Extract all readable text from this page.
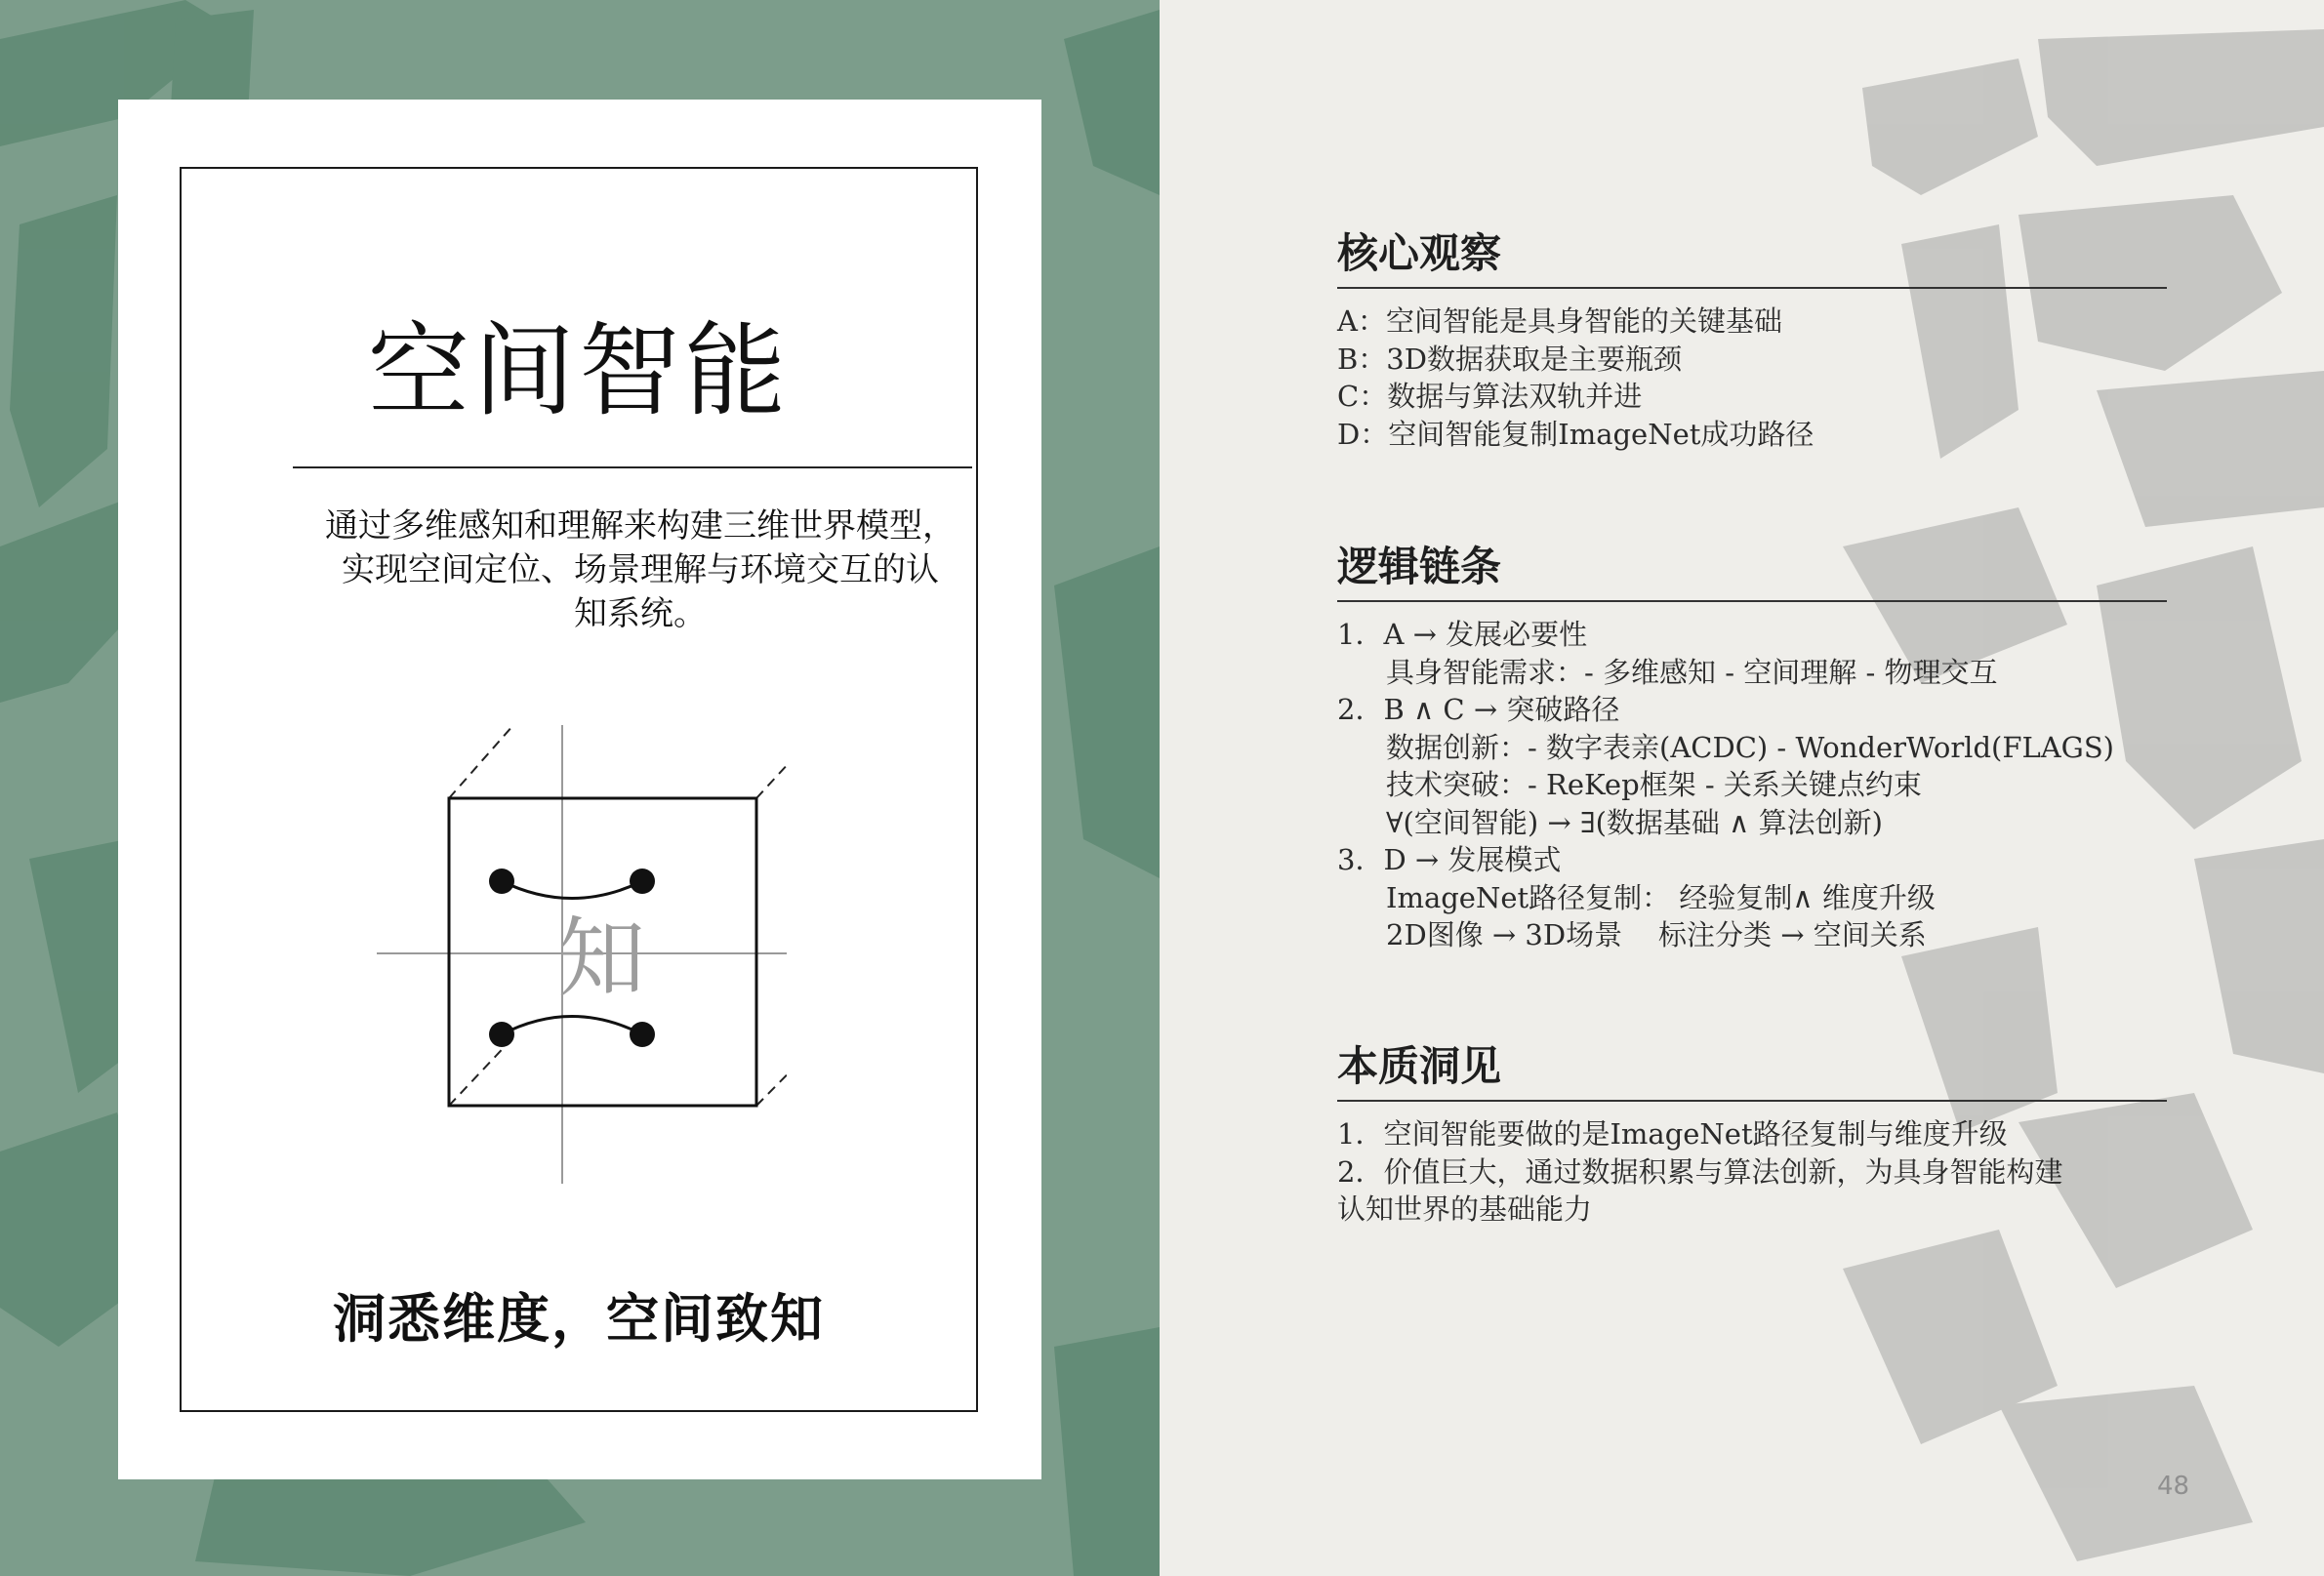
空间智能
通过多维感知和理解来构建三维世界模型，
实现空间定位、场景理解与环境交互的认
知系统。
知
洞悉维度，空间致知
核心观察
A：空间智能是具身智能的关键基础
B：3D数据获取是主要瓶颈
C：数据与算法双轨并进
D：空间智能复制ImageNet成功路径
逻辑链条
1．A → 发展必要性
具身智能需求：- 多维感知 - 空间理解 - 物理交互
2．B ∧ C → 突破路径
数据创新：- 数字表亲(ACDC) - WonderWorld(FLAGS)
技术突破：- ReKep框架 - 关系关键点约束
∀(空间智能) → ∃(数据基础 ∧ 算法创新)
3．D → 发展模式
ImageNet路径复制： 经验复制∧ 维度升级
2D图像 → 3D场景    标注分类 → 空间关系
本质洞见
1．空间智能要做的是ImageNet路径复制与维度升级
2．价值巨大，通过数据积累与算法创新，为具身智能构建
认知世界的基础能力
48
